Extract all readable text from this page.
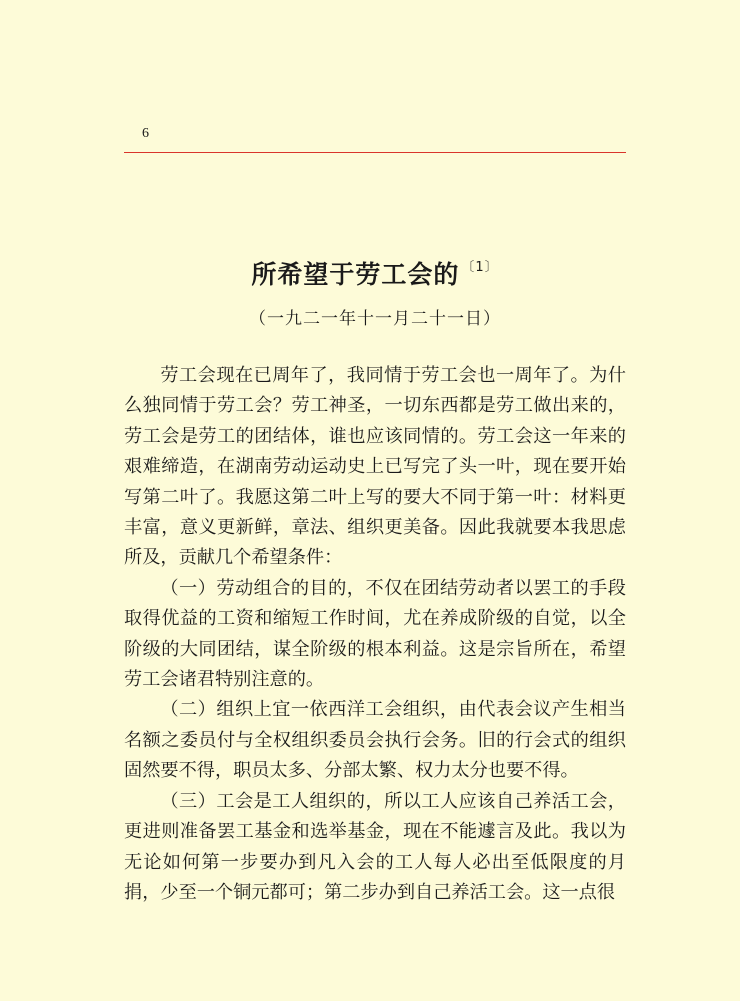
6
所希望于劳工会的 $^{〔1〕}$
（一九二一年十一月二十一日）

劳工会现在已周年了，我同情于劳工会也一周年了。为什么独同情于劳工会？劳工神圣，一切东西都是劳工做出来的，劳工会是劳工的团结体，谁也应该同情的。劳工会这一年来的艰难缔造，在湖南劳动运动史上已写完了头一叶，现在要开始写第二叶了。我愿这第二叶上写的要大不同于第一叶：材料更丰富，意义更新鲜，章法、组织更美备。因此我就要本我思虑所及，贡献几个希望条件：

（一）劳动组合的目的，不仅在团结劳动者以罢工的手段取得优益的工资和缩短工作时间，尤在养成阶级的自觉，以全阶级的大同团结，谋全阶级的根本利益。这是宗旨所在，希望劳工会诸君特别注意的。

（二）组织上宜一依西洋工会组织，由代表会议产生相当名额之委员付与全权组织委员会执行会务。旧的行会式的组织固然要不得，职员太多、分部太繁、权力太分也要不得。

（三）工会是工人组织的，所以工人应该自己养活工会，更进则准备罢工基金和选举基金，现在不能遽言及此。我以为无论如何第一步要办到凡入会的工人每人必出至低限度的月捐，少至一个铜元都可；第二步办到自己养活工会。这一点很
